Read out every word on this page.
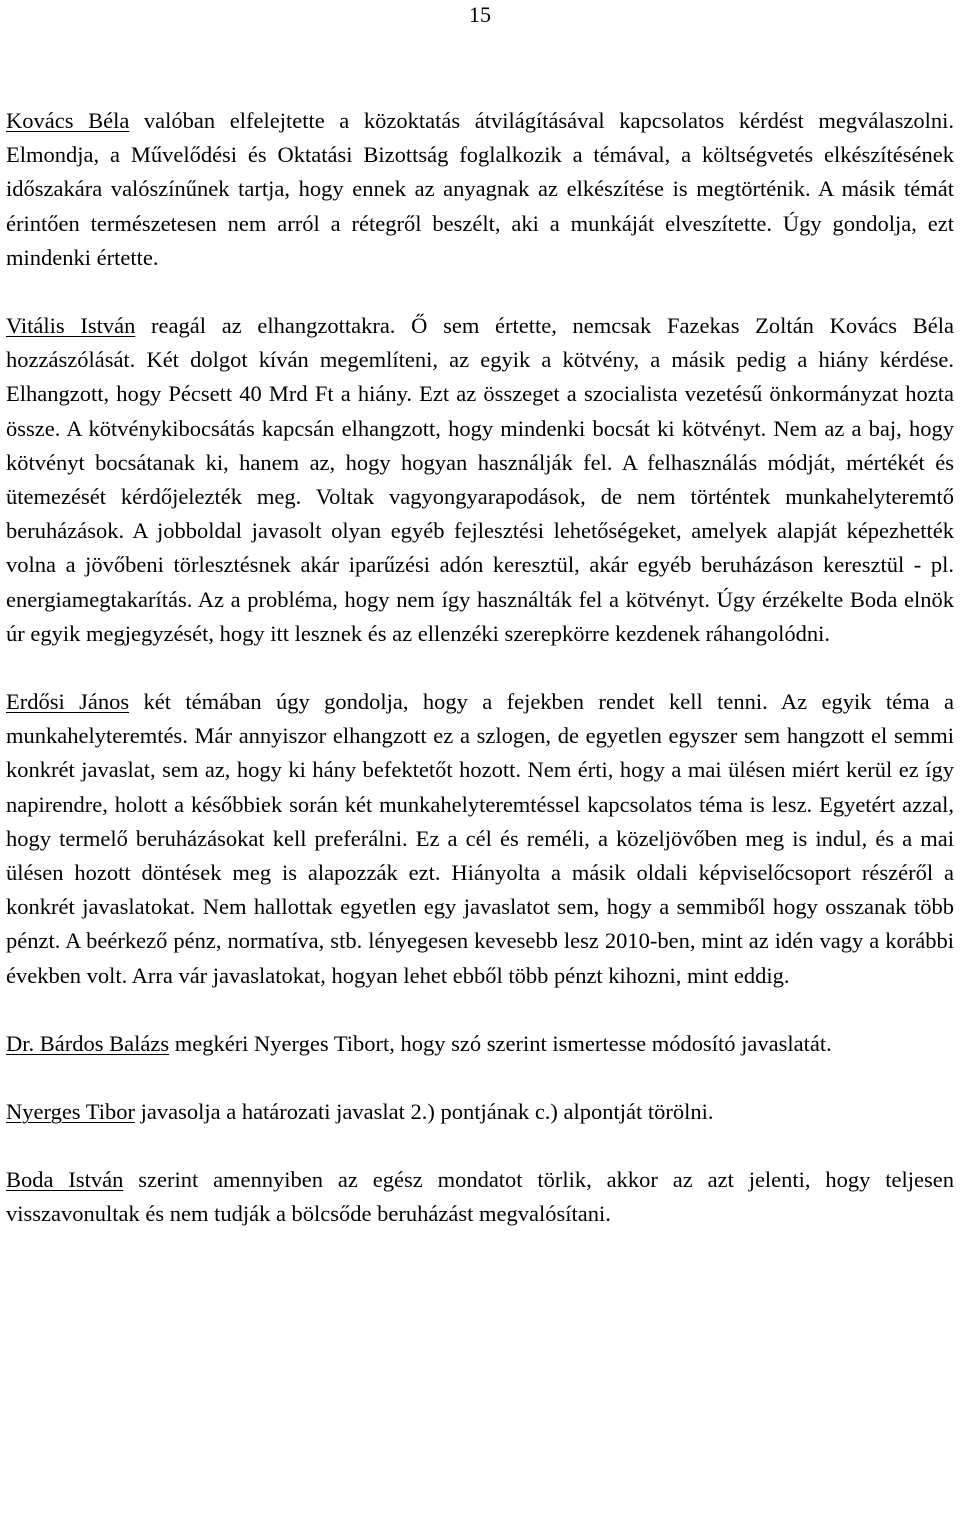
15

Kovács Béla valóban elfelejtette a közoktatás átvilágításával kapcsolatos kérdést megválaszolni. Elmondja, a Művelődési és Oktatási Bizottság foglalkozik a témával, a költségvetés elkészítésének időszakára valószínűnek tartja, hogy ennek az anyagnak az elkészítése is megtörténik. A másik témát érintően természetesen nem arról a rétegről beszélt, aki a munkáját elveszítette. Úgy gondolja, ezt mindenki értette.

Vitális István reagál az elhangzottakra. Ő sem értette, nemcsak Fazekas Zoltán Kovács Béla hozzászólását. Két dolgot kíván megemlíteni, az egyik a kötvény, a másik pedig a hiány kérdése. Elhangzott, hogy Pécsett 40 Mrd Ft a hiány. Ezt az összeget a szocialista vezetésű önkormányzat hozta össze. A kötvénykibocsátás kapcsán elhangzott, hogy mindenki bocsát ki kötvényt. Nem az a baj, hogy kötvényt bocsátanak ki, hanem az, hogy hogyan használják fel. A felhasználás módját, mértékét és ütemezését kérdőjelezték meg. Voltak vagyongyarapodások, de nem történtek munkahelyteremtő beruházások. A jobboldal javasolt olyan egyéb fejlesztési lehetőségeket, amelyek alapját képezhették volna a jövőbeni törlesztésnek akár iparűzési adón keresztül, akár egyéb beruházáson keresztül - pl. energiamegtakarítás. Az a probléma, hogy nem így használták fel a kötvényt. Úgy érzékelte Boda elnök úr egyik megjegyzését, hogy itt lesznek és az ellenzéki szerepkörre kezdenek ráhangolódni.

Erdősi János két témában úgy gondolja, hogy a fejekben rendet kell tenni. Az egyik téma a munkahelyteremtés. Már annyiszor elhangzott ez a szlogen, de egyetlen egyszer sem hangzott el semmi konkrét javaslat, sem az, hogy ki hány befektetőt hozott. Nem érti, hogy a mai ülésen miért kerül ez így napirendre, holott a későbbiek során két munkahelyteremtéssel kapcsolatos téma is lesz. Egyetért azzal, hogy termelő beruházásokat kell preferálni. Ez a cél és reméli, a közeljövőben meg is indul, és a mai ülésen hozott döntések meg is alapozzák ezt. Hiányolta a másik oldali képviselőcsoport részéről a konkrét javaslatokat. Nem hallottak egyetlen egy javaslatot sem, hogy a semmiből hogy osszanak több pénzt. A beérkező pénz, normatíva, stb. lényegesen kevesebb lesz 2010-ben, mint az idén vagy a korábbi években volt. Arra vár javaslatokat, hogyan lehet ebből több pénzt kihozni, mint eddig.

Dr. Bárdos Balázs megkéri Nyerges Tibort, hogy szó szerint ismertesse módosító javaslatát.

Nyerges Tibor javasolja a határozati javaslat 2.) pontjának c.) alpontját törölni.

Boda István szerint amennyiben az egész mondatot törlik, akkor az azt jelenti, hogy teljesen visszavonultak és nem tudják a bölcsőde beruházást megvalósítani.
